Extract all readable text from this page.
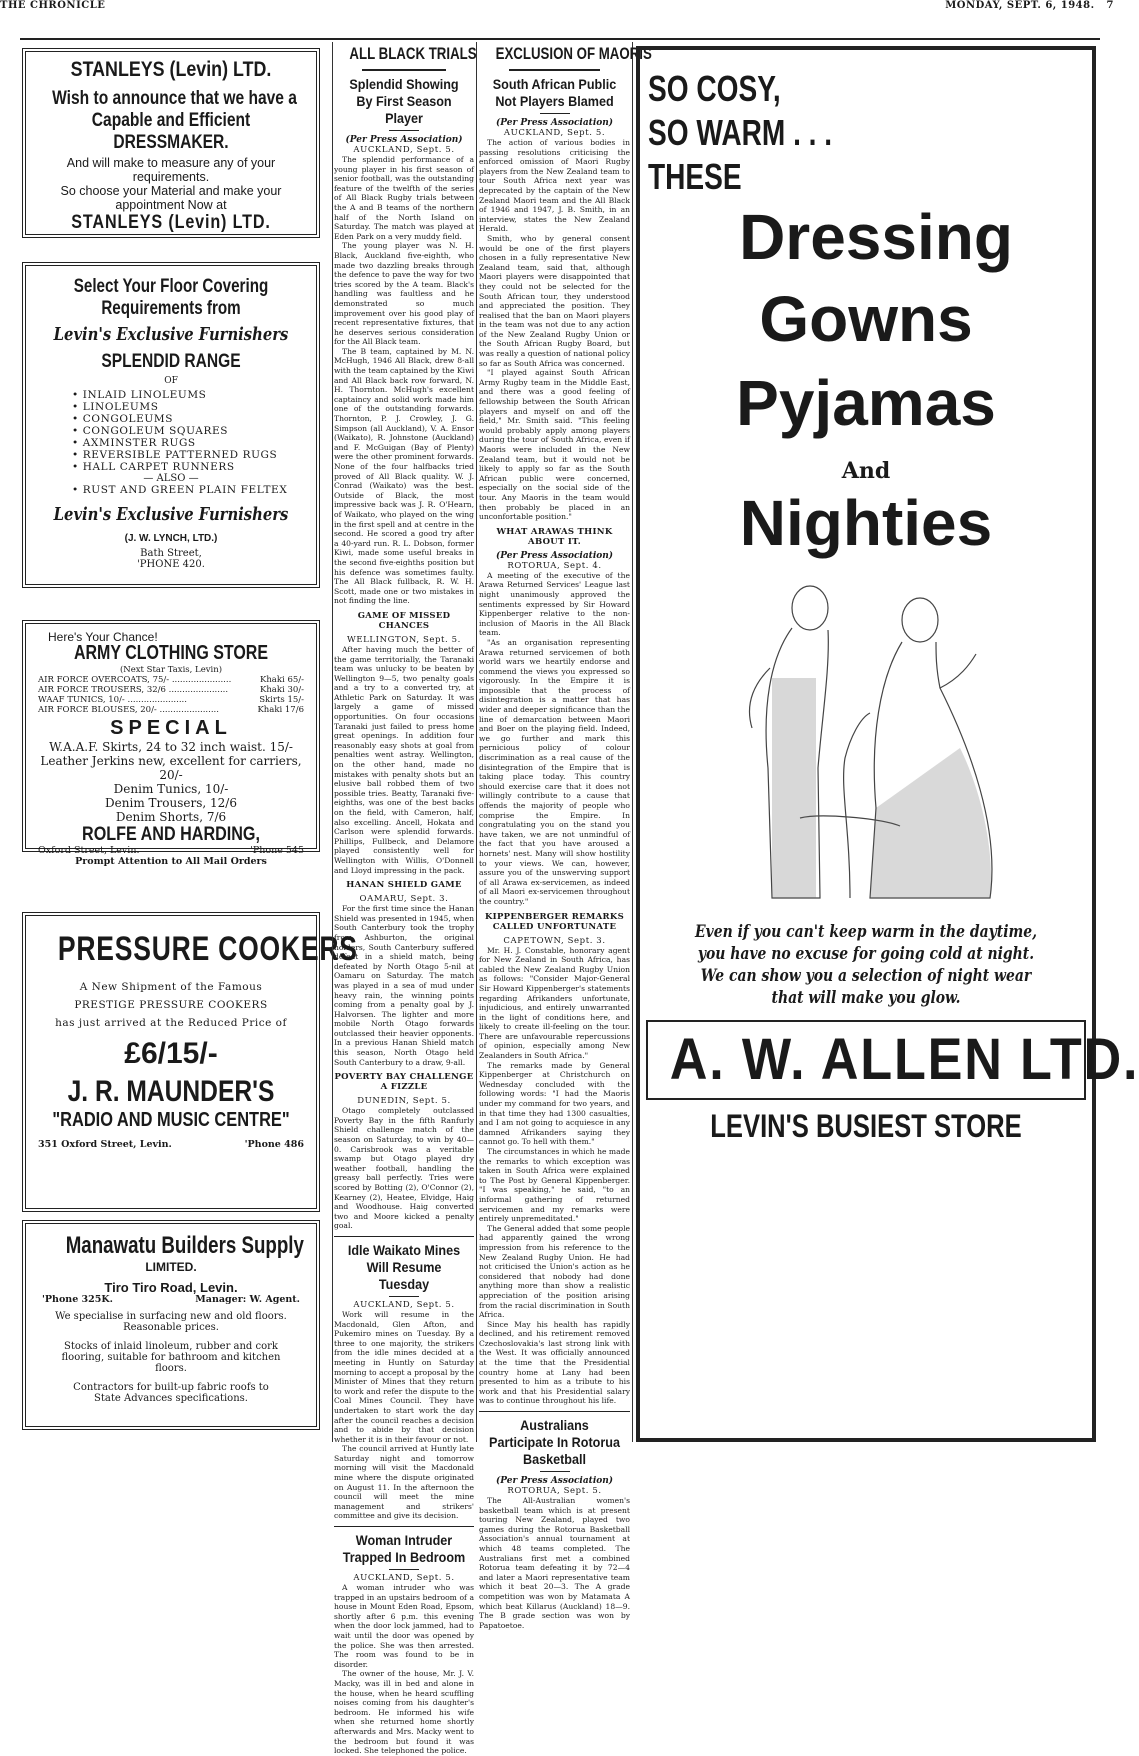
THE CHRONICLE	MONDAY, SEPT. 6, 1948. 7
STANLEYS (Levin) LTD.
Wish to announce that we have a
Capable and Efficient
DRESSMAKER.
And will make to measure any of your
requirements.
So choose your Material and make your
appointment Now at
STANLEYS (Levin) LTD.
Select Your Floor Covering
Requirements from
Levin's Exclusive Furnishers
SPLENDID RANGE
OF
• INLAID LINOLEUMS
• LINOLEUMS
• CONGOLEUMS
• CONGOLEUM SQUARES
• AXMINSTER RUGS
• REVERSIBLE PATTERNED RUGS
• HALL CARPET RUNNERS
— ALSO —
• RUST AND GREEN PLAIN FELTEX
Levin's Exclusive Furnishers
(J. W. LYNCH, LTD.)
Bath Street,
'PHONE 420.
Here's Your Chance!
ARMY CLOTHING STORE
(Next Star Taxis, Levin)
AIR FORCE OVERCOATS, 75/- ......................	Khaki 65/-
AIR FORCE TROUSERS, 32/6 ......................	Khaki 30/-
WAAF TUNICS, 10/- ......................	Skirts 15/-
AIR FORCE BLOUSES, 20/- ......................	Khaki 17/6
SPECIAL
W.A.A.F. Skirts, 24 to 32 inch waist. 15/-
Leather Jerkins new, excellent for carriers,
20/-
Denim Tunics, 10/-
Denim Trousers, 12/6
Denim Shorts, 7/6
ROLFE AND HARDING,
Oxford Street, Levin.	'Phone 545
Prompt Attention to All Mail Orders
PRESSURE COOKERS
A New Shipment of the Famous
PRESTIGE PRESSURE COOKERS
has just arrived at the Reduced Price of
£6/15/-
J. R. MAUNDER'S
"RADIO AND MUSIC CENTRE"
351 Oxford Street, Levin.	'Phone 486
Manawatu Builders Supply
LIMITED.
Tiro Tiro Road, Levin.
'Phone 325K.	Manager: W. Agent.
We specialise in surfacing new and old floors.
Reasonable prices.
Stocks of inlaid linoleum, rubber and cork flooring, suitable for bathroom and kitchen floors.
Contractors for built-up fabric roofs to State Advances specifications.
ALL BLACK TRIALS
Splendid Showing By First Season Player
(Per Press Association)
AUCKLAND, Sept. 5.

The splendid performance of a young player in his first season of senior football, was the outstanding feature of the twelfth of the series of All Black Rugby trials between the A and B teams of the northern half of the North Island on Saturday. The match was played at Eden Park on a very muddy field.

The young player was N. H. Black, Auckland five-eighth, who made two dazzling breaks through the defence to pave the way for two tries scored by the A team. Black's handling was faultless and he demonstrated so much improvement over his good play of recent representative fixtures, that he deserves serious consideration for the All Black team.

The B team, captained by M. N. McHugh, 1946 All Black, drew 8-all with the team captained by the Kiwi and All Black back row forward, N. H. Thornton. McHugh's excellent captaincy and solid work made him one of the outstanding forwards. Thornton, P. J. Crowley, J. G. Simpson (all Auckland), V. A. Ensor (Waikato), R. Johnstone (Auckland) and F. McGuigan (Bay of Plenty) were the other prominent forwards. None of the four halfbacks tried proved of All Black quality. W. J. Conrad (Waikato) was the best. Outside of Black, the most impressive back was J. R. O'Hearn, of Waikato, who played on the wing in the first spell and at centre in the second. He scored a good try after a 40-yard run. R. L. Dobson, former Kiwi, made some useful breaks in the second five-eighths position but his defence was sometimes faulty. The All Black fullback, R. W. H. Scott, made one or two mistakes in not finding the line.

GAME OF MISSED CHANCES
WELLINGTON, Sept. 5.

After having much the better of the game territorially, the Taranaki team was unlucky to be beaten by Wellington 9—5, two penalty goals and a try to a converted try, at Athletic Park on Saturday. It was largely a game of missed opportunities. On four occasions Taranaki just failed to press home great openings. In addition four reasonably easy shots at goal from penalties went astray. Wellington, on the other hand, made no mistakes with penalty shots but an elusive ball robbed them of two possible tries. Beatty, Taranaki five-eighths, was one of the best backs on the field, with Cameron, half, also excelling. Ancell, Hokata and Carlson were splendid forwards. Phillips, Fullbeck, and Delamore played consistently well for Wellington with Willis, O'Donnell and Lloyd impressing in the pack.

HANAN SHIELD GAME
OAMARU, Sept. 3.

For the first time since the Hanan Shield was presented in 1945, when South Canterbury took the trophy from Ashburton, the original holders, South Canterbury suffered defeat in a shield match, being defeated by North Otago 5-nil at Oamaru on Saturday. The match was played in a sea of mud under heavy rain, the winning points coming from a penalty goal by J. Halvorsen. The lighter and more mobile North Otago forwards outclassed their heavier opponents. In a previous Hanan Shield match this season, North Otago held South Canterbury to a draw, 9-all.

POVERTY BAY CHALLENGE A FIZZLE
DUNEDIN, Sept. 5.

Otago completely outclassed Poverty Bay in the fifth Ranfurly Shield challenge match of the season on Saturday, to win by 40—0. Carisbrook was a veritable swamp but Otago played dry weather football, handling the greasy ball perfectly. Tries were scored by Botting (2), O'Connor (2), Kearney (2), Heatee, Elvidge, Haig and Woodhouse. Haig converted two and Moore kicked a penalty goal.

Idle Waikato Mines Will Resume Tuesday
AUCKLAND, Sept. 5.

Work will resume in the Macdonald, Glen Afton, and Pukemiro mines on Tuesday. By a three to one majority, the strikers from the idle mines decided at a meeting in Huntly on Saturday morning to accept a proposal by the Minister of Mines that they return to work and refer the dispute to the Coal Mines Council. They have undertaken to start work the day after the council reaches a decision and to abide by that decision whether it is in their favour or not.

The council arrived at Huntly late Saturday night and tomorrow morning will visit the Macdonald mine where the dispute originated on August 11. In the afternoon the council will meet the mine management and strikers' committee and give its decision.

Woman Intruder Trapped In Bedroom
AUCKLAND, Sept. 5.

A woman intruder who was trapped in an upstairs bedroom of a house in Mount Eden Road, Epsom, shortly after 6 p.m. this evening when the door lock jammed, had to wait until the door was opened by the police. She was then arrested. The room was found to be in disorder.

The owner of the house, Mr. J. V. Macky, was ill in bed and alone in the house, when he heard scuffling noises coming from his daughter's bedroom. He informed his wife when she returned home shortly afterwards and Mrs. Macky went to the bedroom but found it was locked. She telephoned the police.

EXCLUSION OF MAORIS
South African Public Not Players Blamed
(Per Press Association)
AUCKLAND, Sept. 5.

The action of various bodies in passing resolutions criticising the enforced omission of Maori Rugby players from the New Zealand team to tour South Africa next year was deprecated by the captain of the New Zealand Maori team and the All Black of 1946 and 1947, J. B. Smith, in an interview, states the New Zealand Herald.

Smith, who by general consent would be one of the first players chosen in a fully representative New Zealand team, said that, although Maori players were disappointed that they could not be selected for the South African tour, they understood and appreciated the position. They realised that the ban on Maori players in the team was not due to any action of the New Zealand Rugby Union or the South African Rugby Board, but was really a question of national policy so far as South Africa was concerned.

"I played against South African Army Rugby team in the Middle East, and there was a good feeling of fellowship between the South African players and myself on and off the field," Mr. Smith said. "This feeling would probably apply among players during the tour of South Africa, even if Maoris were included in the New Zealand team, but it would not be likely to apply so far as the South African public were concerned, especially on the social side of the tour. Any Maoris in the team would then probably be placed in an unconfortable position."

WHAT ARAWAS THINK ABOUT IT.
(Per Press Association)
ROTORUA, Sept. 4.

A meeting of the executive of the Arawa Returned Services' League last night unanimously approved the sentiments expressed by Sir Howard Kippenberger relative to the non-inclusion of Maoris in the All Black team.

"As an organisation representing Arawa returned servicemen of both world wars we heartily endorse and commend the views you expressed so vigorously. In the Empire it is impossible that the process of disintegration is a matter that has wider and deeper significance than the line of demarcation between Maori and Boer on the playing field. Indeed, we go further and mark this pernicious policy of colour discrimination as a real cause of the disintegration of the Empire that is taking place today. This country should exercise care that it does not willingly contribute to a cause that offends the majority of people who comprise the Empire. In congratulating you on the stand you have taken, we are not unmindful of the fact that you have aroused a hornets' nest. Many will show hostility to your views. We can, however, assure you of the unswerving support of all Arawa ex-servicemen, as indeed of all Maori ex-servicemen throughout the country."

KIPPENBERGER REMARKS CALLED UNFORTUNATE
CAPETOWN, Sept. 3.

Mr. H. J. Constable, honorary agent for New Zealand in South Africa, has cabled the New Zealand Rugby Union as follows: "Consider Major-General Sir Howard Kippenberger's statements regarding Afrikanders unfortunate, injudicious, and entirely unwarranted in the light of conditions here, and likely to create ill-feeling on the tour. There are unfavourable repercussions of opinion, especially among New Zealanders in South Africa."

The remarks made by General Kippenberger at Christchurch on Wednesday concluded with the following words: "I had the Maoris under my command for two years, and in that time they had 1300 casualties, and I am not going to acquiesce in any damned Afrikanders saying they cannot go. To hell with them."

The circumstances in which he made the remarks to which exception was taken in South Africa were explained to The Post by General Kippenberger. "I was speaking," he said, "to an informal gathering of returned servicemen and my remarks were entirely unpremeditated."

The General added that some people had apparently gained the wrong impression from his reference to the New Zealand Rugby Union. He had not criticised the Union's action as he considered that nobody had done anything more than show a realistic appreciation of the position arising from the racial discrimination in South Africa.

Since May his health has rapidly declined, and his retirement removed Czechoslovakia's last strong link with the West. It was officially announced at the time that the Presidential country home at Lany had been presented to him as a tribute to his work and that his Presidential salary was to continue throughout his life.

Australians Participate In Rotorua Basketball
(Per Press Association)
ROTORUA, Sept. 5.

The All-Australian women's basketball team which is at present touring New Zealand, played two games during the Rotorua Basketball Association's annual tournament at which 48 teams completed. The Australians first met a combined Rotorua team defeating it by 72—4 and later a Maori representative team which it beat 20—3. The A grade competition was won by Matamata A which beat Killarus (Auckland) 18—9. The B grade section was won by Papatoetoe.

SO COSY,
SO WARM . . .
THESE
Dressing
Gowns
Pyjamas
And
Nighties
Even if you can't keep warm in the daytime,
you have no excuse for going cold at night.
We can show you a selection of night wear
that will make you glow.
A. W. ALLEN LTD.
LEVIN'S BUSIEST STORE
